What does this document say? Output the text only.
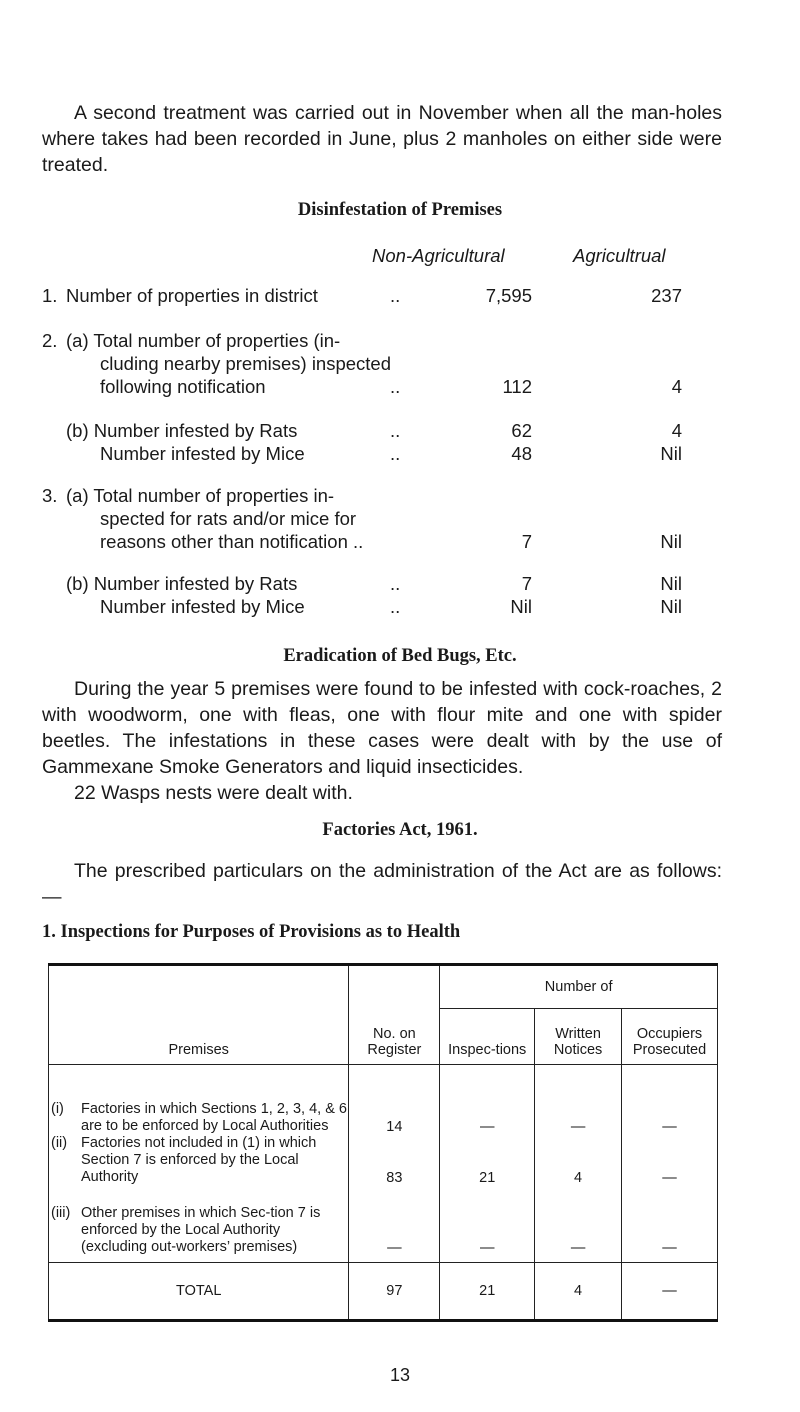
A second treatment was carried out in November when all the man-holes where takes had been recorded in June, plus 2 manholes on either side were treated.
Disinfestation of Premises
Non-Agricultural	Agricultrual
1. Number of properties in district	..	7,595	237
2. (a) Total number of properties (in-
cluding nearby premises) inspected
following notification	..	112	4
(b) Number infested by Rats	..	62	4
Number infested by Mice	..	48	Nil
3. (a) Total number of properties in-
spected for rats and/or mice for
reasons other than notification ..	7	Nil
(b) Number infested by Rats	..	7	Nil
Number infested by Mice	..	Nil	Nil
Eradication of Bed Bugs, Etc.
During the year 5 premises were found to be infested with cock-roaches, 2 with woodworm, one with fleas, one with flour mite and one with spider beetles. The infestations in these cases were dealt with by the use of Gammexane Smoke Generators and liquid insecticides.
22 Wasps nests were dealt with.
Factories Act, 1961.
The prescribed particulars on the administration of the Act are as follows:—
1. Inspections for Purposes of Provisions as to Health
Premises	No. on Register	Number of		
		Inspec-tions	Written Notices	Occupiers Prosecuted

(i) Factories in which Sections 1, 2, 3, 4, & 6 are to be enforced by Local Authorities	14	—	—	—

(ii) Factories not included in (1) in which Section 7 is enforced by the Local Authority	83	21	4	—

(iii) Other premises in which Sec-tion 7 is enforced by the Local Authority (excluding out-workers’ premises)	—	—	—	—
TOTAL	97	21	4	—
13
